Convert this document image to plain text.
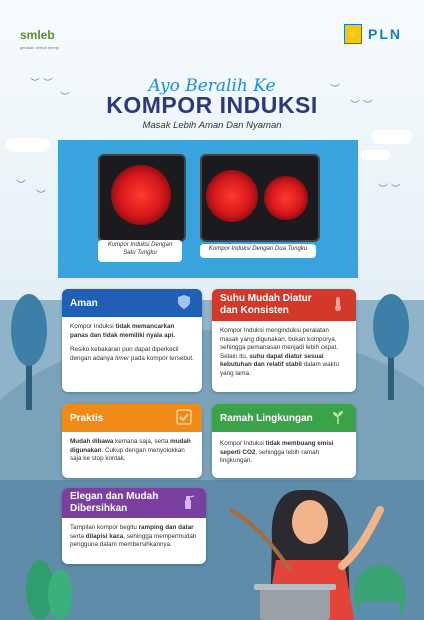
︶ ︶
︶
︶
︶ ︶
︶
︶
︶ ︶
smleb
gerakan hemat energi
⚡ PLN
Ayo Beralih Ke
KOMPOR INDUKSI
Masak Lebih Aman Dan Nyaman

Kompor Induksi Dengan Satu Tungku

Kompor Induksi Dengan Dua Tungku
Aman
Kompor Induksi tidak memancarkan panas dan tidak memiliki nyala api.
Resiko kebakaran pun dapat diperkecil dengan adanya timer pada kompor tersebut.
Suhu Mudah Diatur dan Konsisten
Kompor Induksi menginduksi peralatan masak yang digunakan, bukan komporya, sehingga pemanasan menjadi lebih cepat. Selain itu, suhu dapat diatur sesuai kebutuhan dan relatif stabil dalam waktu yang lama.
Praktis
Mudah dibawa kemana saja, serta mudah digunakan. Cukup dengan menyolokkan saja ke stop kontak.
Ramah Lingkungan
Kompor Induksi tidak membuang emisi seperti CO2, sehingga lebih ramah lingkungan.
Elegan dan Mudah Dibersihkan
Tampilan kompor begitu ramping dan datar serta dilapisi kaca, sehingga mempermudah pengguna dalam membersihkannya.
